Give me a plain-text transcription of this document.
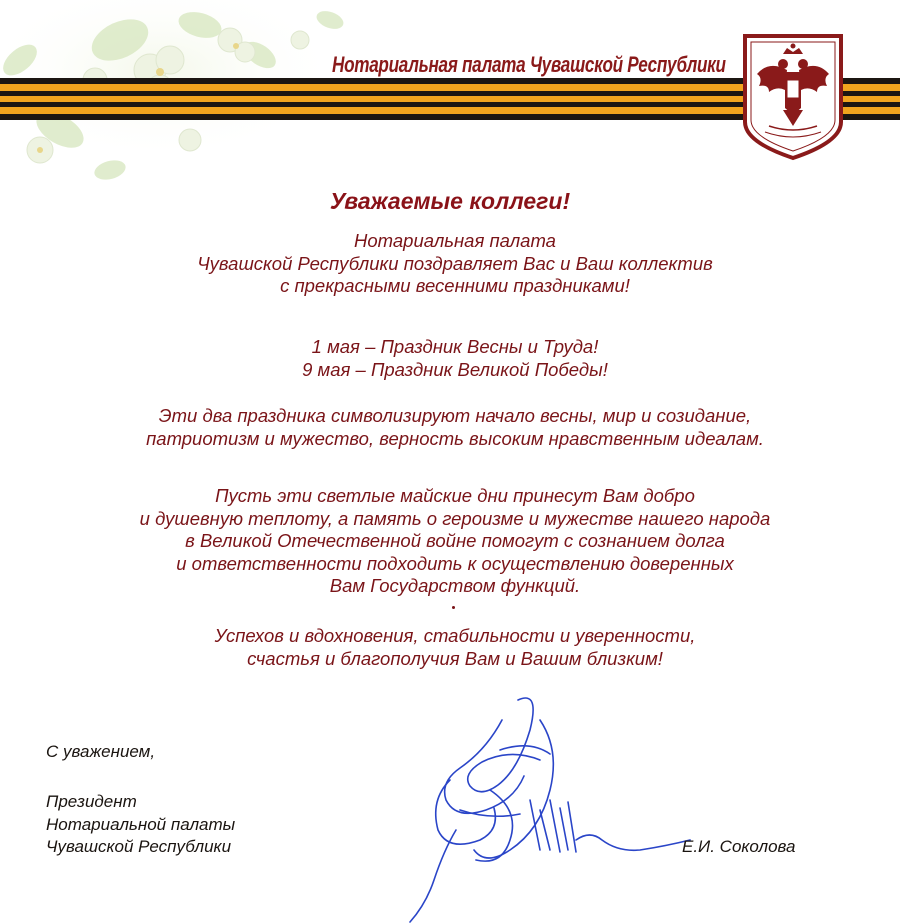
Нотариальная палата Чувашской Республики
Уважаемые коллеги!
Нотариальная палата
Чувашской Республики поздравляет Вас и Ваш коллектив
с прекрасными весенними праздниками!
1 мая – Праздник Весны и Труда!
9 мая – Праздник Великой Победы!
Эти два праздника символизируют начало весны, мир и созидание,
патриотизм и мужество, верность высоким нравственным идеалам.
Пусть эти светлые майские дни принесут Вам добро
и душевную теплоту, а память о героизме и мужестве нашего народа
в Великой Отечественной войне помогут с сознанием долга
и ответственности подходить к осуществлению доверенных
Вам Государством функций.
Успехов и вдохновения, стабильности и уверенности,
счастья и благополучия Вам и Вашим близким!
С уважением,
Президент
Нотариальной палаты
Чувашской Республики	Е.И. Соколова
